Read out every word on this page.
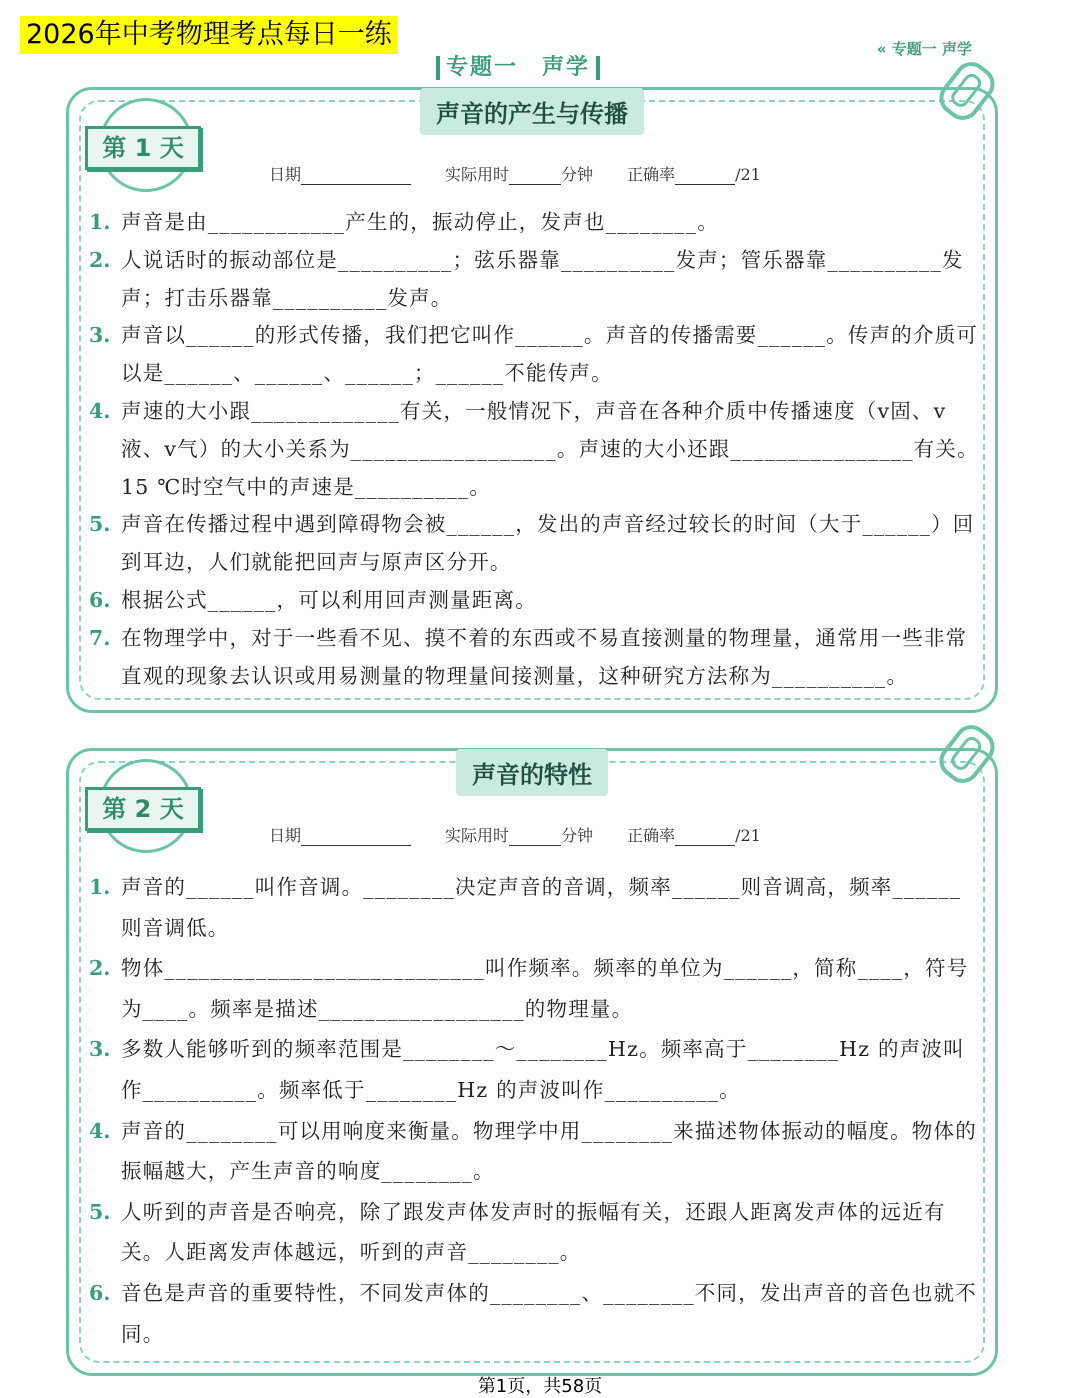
2026年中考物理考点每日一练
专题一 声学
« 专题一 声学
声音的产生与传播
第 1 天
日期	实际用时	分钟 正确率	/21
1. 声音是由____________产生的，振动停止，发声也________。
2. 人说话时的振动部位是__________；弦乐器靠__________发声；管乐器靠__________发声；打击乐器靠__________发声。
3. 声音以______的形式传播，我们把它叫作______。声音的传播需要______。传声的介质可以是______、______、______；______不能传声。
4. 声速的大小跟_____________有关，一般情况下，声音在各种介质中传播速度（v固、v液、v气）的大小关系为__________________。声速的大小还跟________________有关。15 ℃时空气中的声速是__________。
5. 声音在传播过程中遇到障碍物会被______，发出的声音经过较长的时间（大于______）回到耳边，人们就能把回声与原声区分开。
6. 根据公式______，可以利用回声测量距离。
7. 在物理学中，对于一些看不见、摸不着的东西或不易直接测量的物理量，通常用一些非常直观的现象去认识或用易测量的物理量间接测量，这种研究方法称为__________。
声音的特性
第 2 天
日期	实际用时	分钟 正确率	/21
1. 声音的______叫作音调。________决定声音的音调，频率______则音调高，频率______则音调低。
2. 物体____________________________叫作频率。频率的单位为______，简称____，符号为____。频率是描述__________________的物理量。
3. 多数人能够听到的频率范围是________～________Hz。频率高于________Hz 的声波叫作__________。频率低于________Hz 的声波叫作__________。
4. 声音的________可以用响度来衡量。物理学中用________来描述物体振动的幅度。物体的振幅越大，产生声音的响度________。
5. 人听到的声音是否响亮，除了跟发声体发声时的振幅有关，还跟人距离发声体的远近有关。人距离发声体越远，听到的声音________。
6. 音色是声音的重要特性，不同发声体的________、________不同，发出声音的音色也就不同。
第1页，共58页
